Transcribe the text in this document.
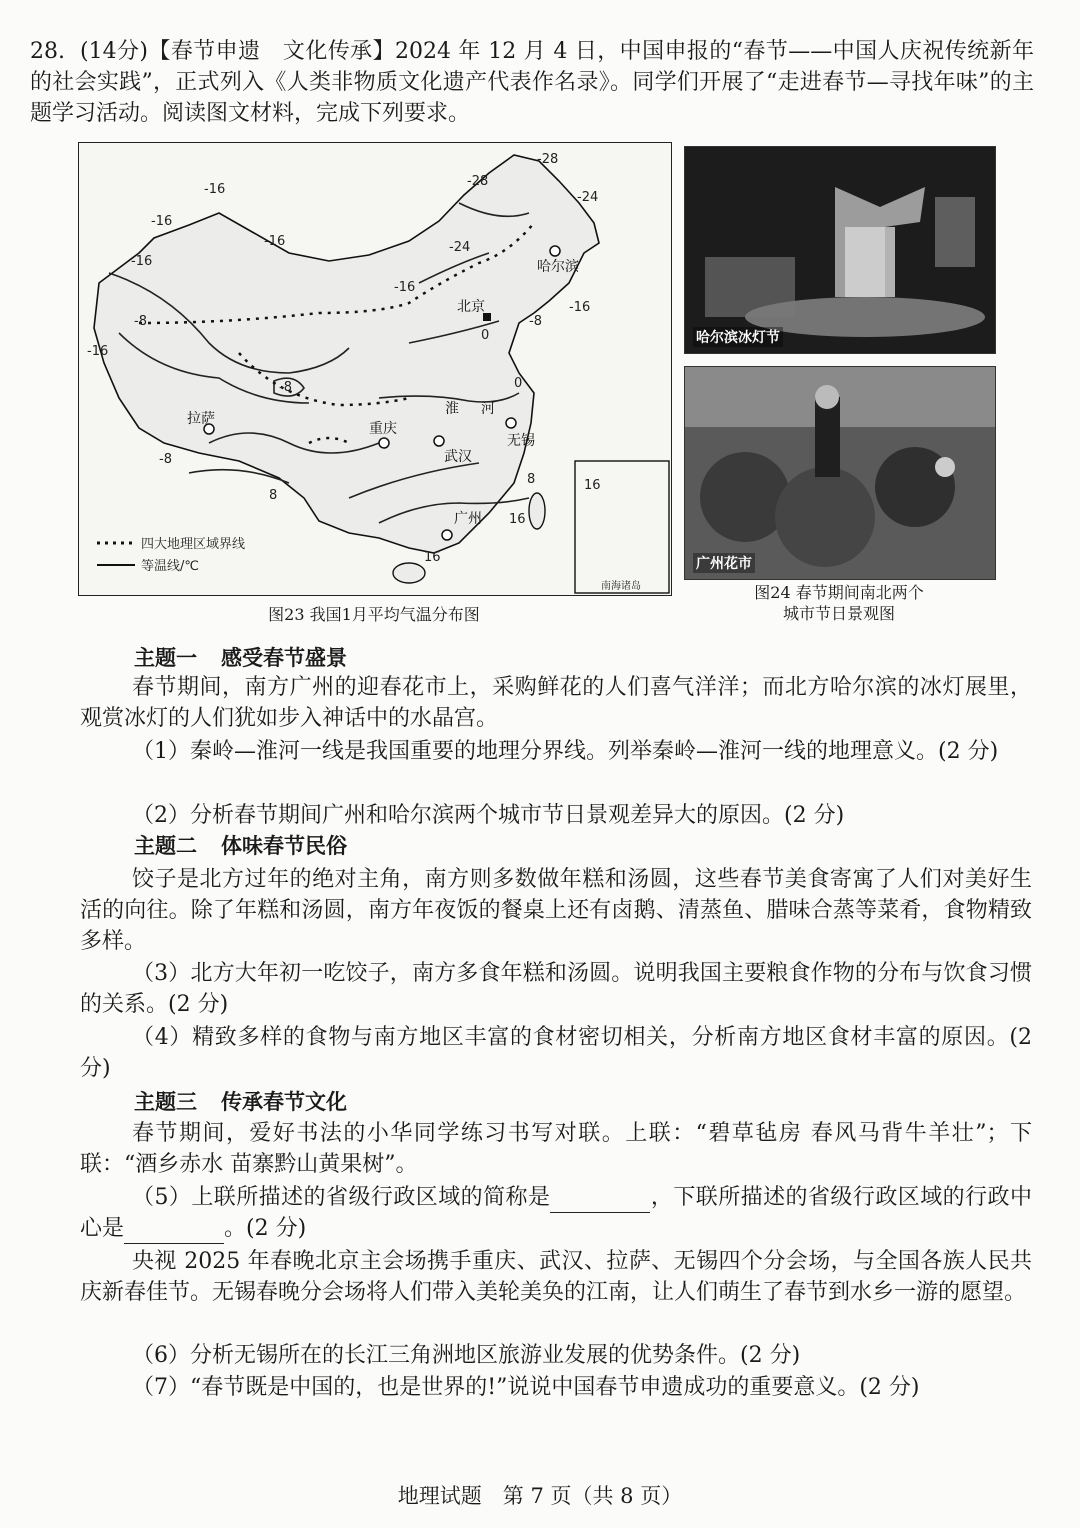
28. (14分)【春节申遗　文化传承】2024 年 12 月 4 日，中国申报的“春节——中国人庆祝传统新年的社会实践”，正式列入《人类非物质文化遗产代表作名录》。同学们开展了“走进春节—寻找年味”的主题学习活动。阅读图文材料，完成下列要求。
南海诸岛
-28
-28
-24
-24
-16
-16
-16
-16
-16
-16
-8	-8
-8
-8
-16
0
8
8
16
16
16
0
哈尔滨
北京
拉萨
重庆
武汉
无锡
广州
淮 河
四大地理区域界线
等温线/℃
图23 我国1月平均气温分布图
哈尔滨冰灯节
广州花市
图24 春节期间南北两个
城市节日景观图
主题一 感受春节盛景
春节期间，南方广州的迎春花市上，采购鲜花的人们喜气洋洋；而北方哈尔滨的冰灯展里，观赏冰灯的人们犹如步入神话中的水晶宫。
（1）秦岭—淮河一线是我国重要的地理分界线。列举秦岭—淮河一线的地理意义。(2 分)
（2）分析春节期间广州和哈尔滨两个城市节日景观差异大的原因。(2 分)
主题二 体味春节民俗
饺子是北方过年的绝对主角，南方则多数做年糕和汤圆，这些春节美食寄寓了人们对美好生活的向往。除了年糕和汤圆，南方年夜饭的餐桌上还有卤鹅、清蒸鱼、腊味合蒸等菜肴，食物精致多样。
（3）北方大年初一吃饺子，南方多食年糕和汤圆。说明我国主要粮食作物的分布与饮食习惯的关系。(2 分)
（4）精致多样的食物与南方地区丰富的食材密切相关，分析南方地区食材丰富的原因。(2 分)
主题三 传承春节文化
春节期间，爱好书法的小华同学练习书写对联。上联：“碧草毡房 春风马背牛羊壮”；下联：“酒乡赤水 苗寨黔山黄果树”。
（5）上联所描述的省级行政区域的简称是	，下联所描述的省级行政区域的行政中心是	。(2 分)
央视 2025 年春晚北京主会场携手重庆、武汉、拉萨、无锡四个分会场，与全国各族人民共庆新春佳节。无锡春晚分会场将人们带入美轮美奂的江南，让人们萌生了春节到水乡一游的愿望。
（6）分析无锡所在的长江三角洲地区旅游业发展的优势条件。(2 分)
（7）“春节既是中国的，也是世界的!”说说中国春节申遗成功的重要意义。(2 分)
地理试题　第 7 页（共 8 页）
